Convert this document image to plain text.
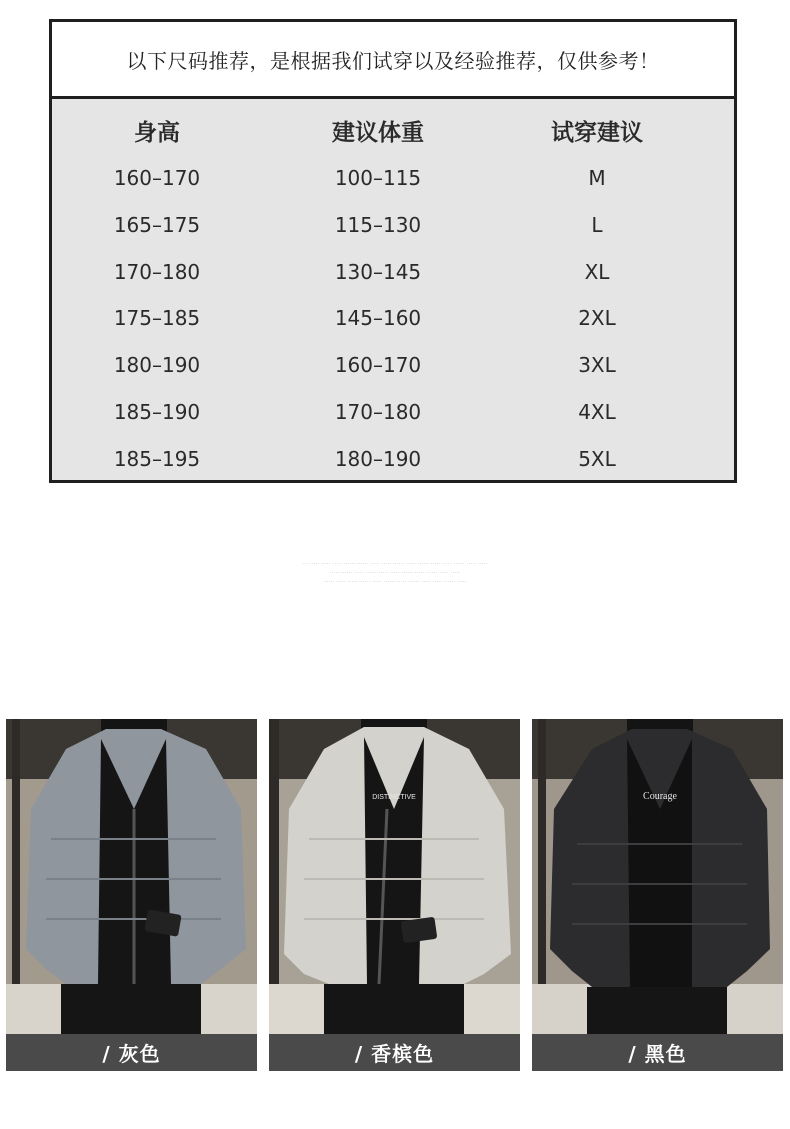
以下尺码推荐，是根据我们试穿以及经验推荐，仅供参考！
身高
160–170
165–175
170–180
175–185
180–190
185–190
185–195
建议体重
100–115
115–130
130–145
145–160
160–170
170–180
180–190
试穿建议
M
L
XL
2XL
3XL
4XL
5XL
··· ····· ····· ····· ······ ······ ····· ····· ······ ····· ······ ····· ····· ······ ····· ·····
····· ······ ····· ······ ····· ····· ······ ····· ······ ····· ·····
······ ····· ····· ······ ····· ······ ····· ······ ····· ····· ······ ·····
/ 灰色
DISTINCTIVE
/ 香槟色
Courage
/ 黑色
